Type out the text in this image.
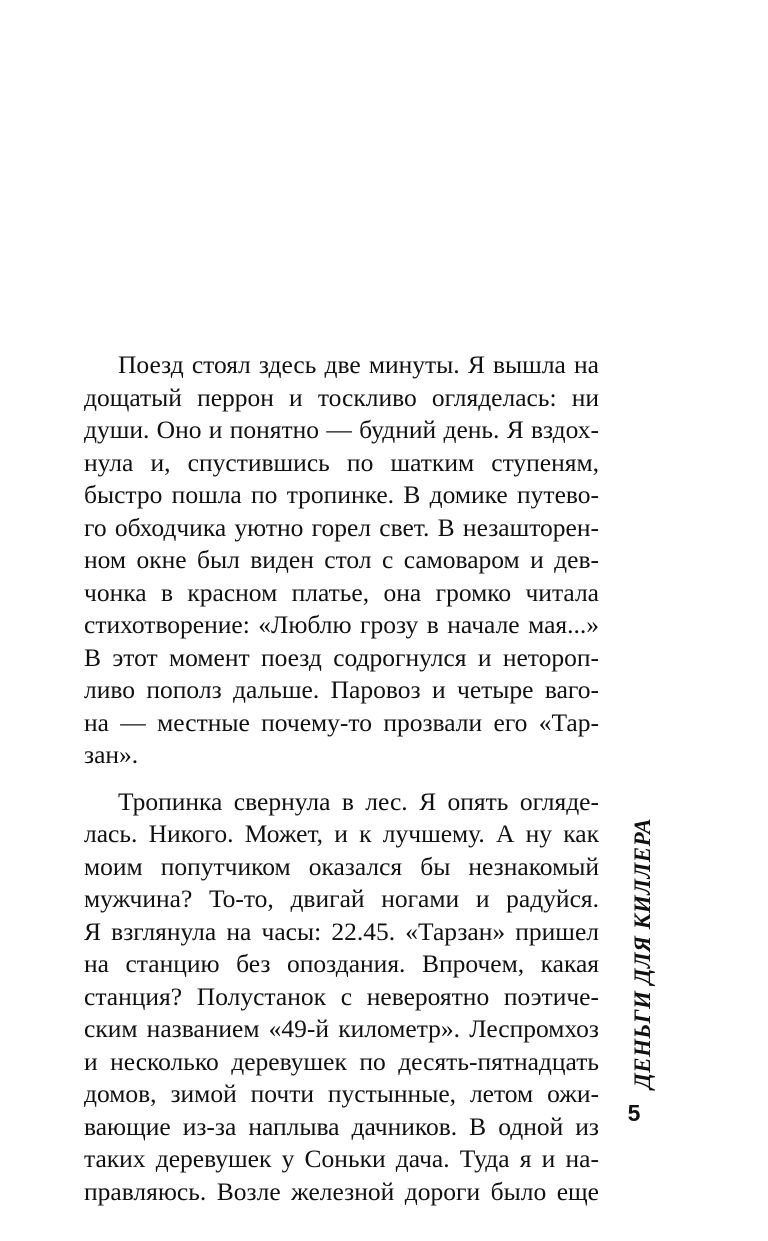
Поезд стоял здесь две минуты. Я вышла на
дощатый перрон и тоскливо огляделась: ни
души. Оно и понятно — будний день. Я вздох-
нула и, спустившись по шатким ступеням,
быстро пошла по тропинке. В домике путево-
го обходчика уютно горел свет. В незашторен-
ном окне был виден стол с самоваром и дев-
чонка в красном платье, она громко читала
стихотворение: «Люблю грозу в начале мая...»
В этот момент поезд содрогнулся и нетороп-
ливо пополз дальше. Паровоз и четыре ваго-
на — местные почему-то прозвали его «Тар-
зан».
Тропинка свернула в лес. Я опять огляде-
лась. Никого. Может, и к лучшему. А ну как
моим попутчиком оказался бы незнакомый
мужчина? То-то, двигай ногами и радуйся.
Я взглянула на часы: 22.45. «Тарзан» пришел
на станцию без опоздания. Впрочем, какая
станция? Полустанок с невероятно поэтиче-
ским названием «49-й километр». Леспромхоз
и несколько деревушек по десять-пятнадцать
домов, зимой почти пустынные, летом ожи-
вающие из-за наплыва дачников. В одной из
таких деревушек у Соньки дача. Туда я и на-
правляюсь. Возле железной дороги было еще
ДЕНЬГИ ДЛЯ КИЛЛЕРА
5
